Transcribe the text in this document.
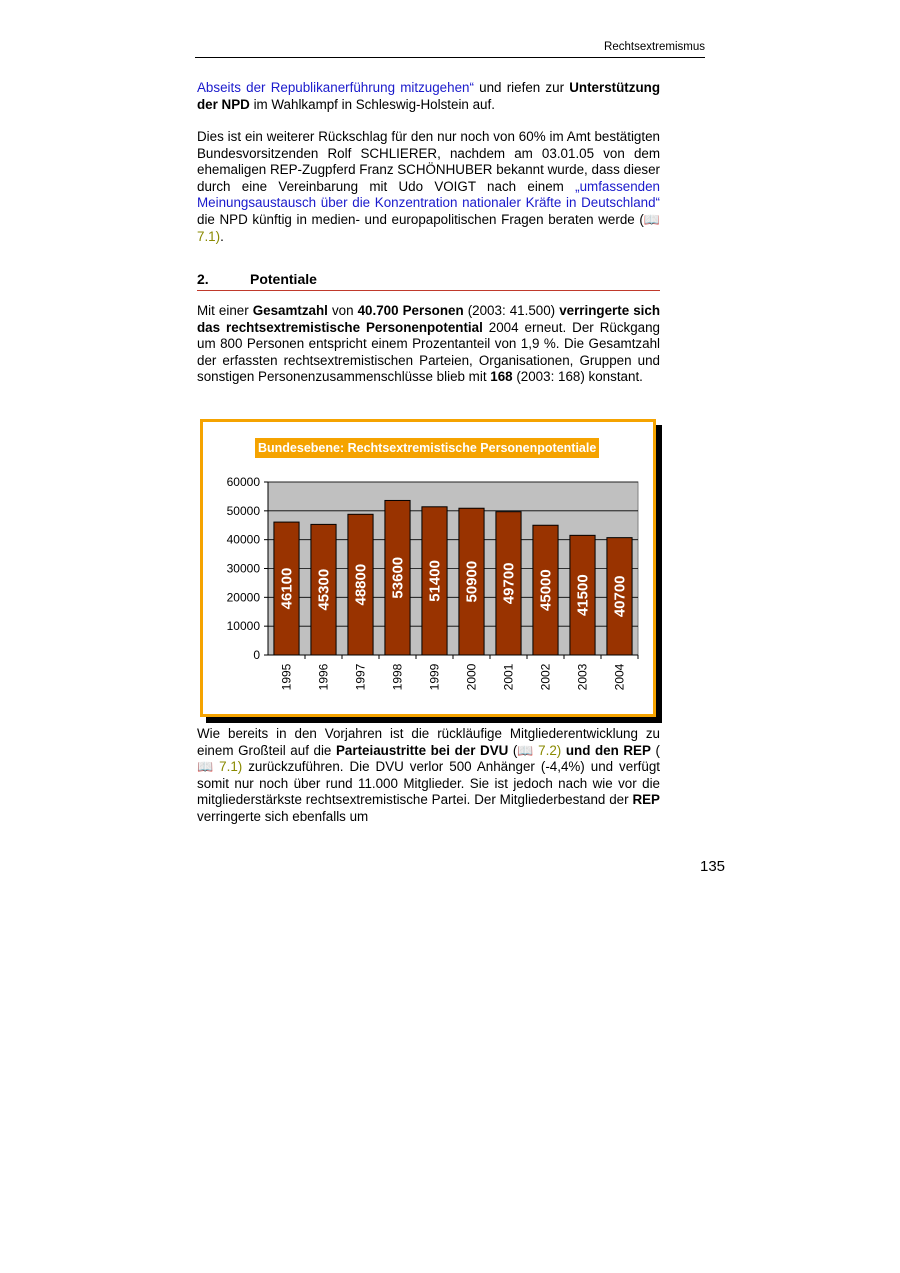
Rechtsextremismus

Abseits der Republikanerführung mitzugehen“ und riefen zur Unterstützung der NPD im Wahlkampf in Schleswig-Holstein auf.

Dies ist ein weiterer Rückschlag für den nur noch von 60% im Amt bestätigten Bundesvorsitzenden Rolf SCHLIERER, nachdem am 03.01.05 von dem ehemaligen REP-Zugpferd Franz SCHÖNHUBER bekannt wurde, dass dieser durch eine Vereinbarung mit Udo VOIGT nach einem „umfassenden Meinungsaustausch über die Konzentration nationaler Kräfte in Deutschland“ die NPD künftig in medien- und europapolitischen Fragen beraten werde (📖 7.1).

2.	Potentiale

Mit einer Gesamtzahl von 40.700 Personen (2003: 41.500) verringerte sich das rechtsextremistische Personenpotential 2004 erneut. Der Rückgang um 800 Personen entspricht einem Prozentanteil von 1,9 %. Die Gesamtzahl der erfassten rechtsextremistischen Parteien, Organisationen, Gruppen und sonstigen Personenzusammenschlüsse blieb mit 168 (2003: 168) konstant.

Bundesebene: Rechtsextremistische Personenpotentiale
0
10000
20000
30000
40000
50000
60000
46100
1995
45300
1996
48800
1997
53600
1998
51400
1999
50900
2000
49700
2001
45000
2002
41500
2003
40700
2004

Wie bereits in den Vorjahren ist die rückläufige Mitgliederentwicklung zu einem Großteil auf die Parteiaustritte bei der DVU (📖 7.2) und den REP (📖 7.1) zurückzuführen. Die DVU verlor 500 Anhänger (-4,4%) und verfügt somit nur noch über rund 11.000 Mitglieder. Sie ist jedoch nach wie vor die mitgliederstärkste rechtsextremistische Partei. Der Mitgliederbestand der REP verringerte sich ebenfalls um

135
